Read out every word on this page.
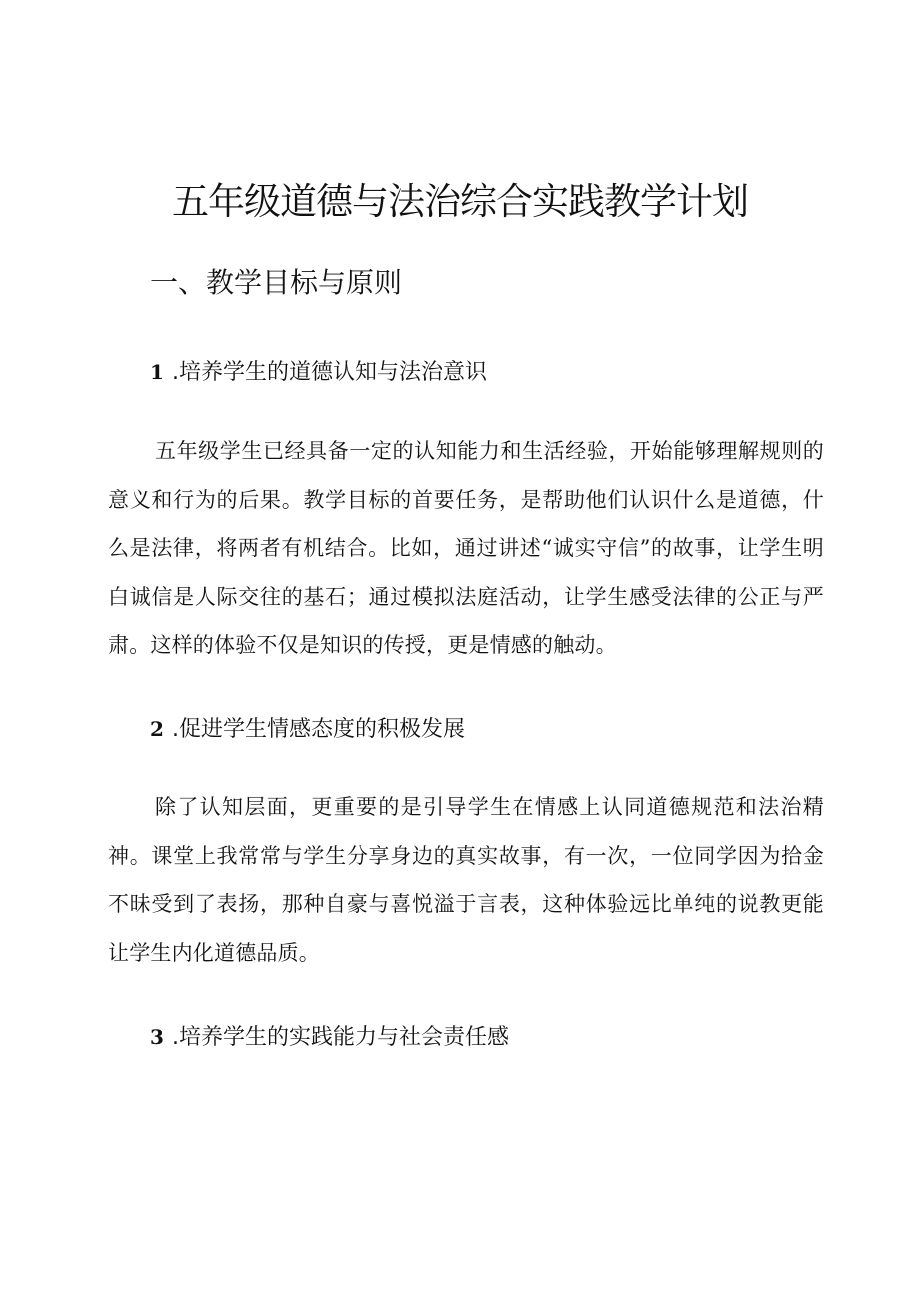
五年级道德与法治综合实践教学计划
一、教学目标与原则
1 .培养学生的道德认知与法治意识

五年级学生已经具备一定的认知能力和生活经验，开始能够理解规则的意义和行为的后果。教学目标的首要任务，是帮助他们认识什么是道德，什么是法律，将两者有机结合。比如，通过讲述“诚实守信”的故事，让学生明白诚信是人际交往的基石；通过模拟法庭活动，让学生感受法律的公正与严肃。这样的体验不仅是知识的传授，更是情感的触动。

2 .促进学生情感态度的积极发展

除了认知层面，更重要的是引导学生在情感上认同道德规范和法治精神。课堂上我常常与学生分享身边的真实故事，有一次，一位同学因为拾金不昧受到了表扬，那种自豪与喜悦溢于言表，这种体验远比单纯的说教更能让学生内化道德品质。

3 .培养学生的实践能力与社会责任感
